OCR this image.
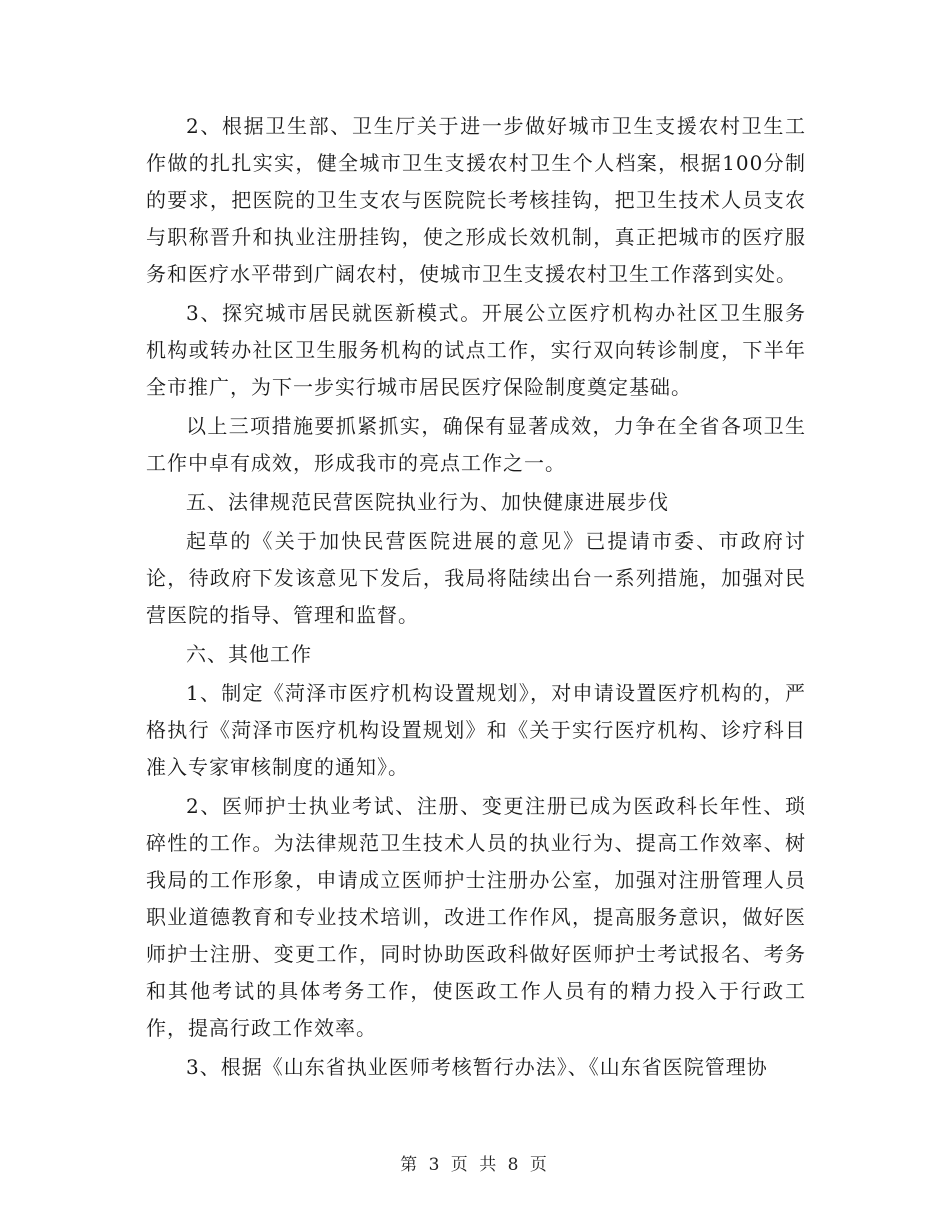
2、根据卫生部、卫生厅关于进一步做好城市卫生支援农村卫生工作做的扎扎实实，健全城市卫生支援农村卫生个人档案，根据100分制的要求，把医院的卫生支农与医院院长考核挂钩，把卫生技术人员支农与职称晋升和执业注册挂钩，使之形成长效机制，真正把城市的医疗服务和医疗水平带到广阔农村，使城市卫生支援农村卫生工作落到实处。

3、探究城市居民就医新模式。开展公立医疗机构办社区卫生服务机构或转办社区卫生服务机构的试点工作，实行双向转诊制度，下半年全市推广，为下一步实行城市居民医疗保险制度奠定基础。

以上三项措施要抓紧抓实，确保有显著成效，力争在全省各项卫生工作中卓有成效，形成我市的亮点工作之一。

五、法律规范民营医院执业行为、加快健康进展步伐

起草的《关于加快民营医院进展的意见》已提请市委、市政府讨论，待政府下发该意见下发后，我局将陆续出台一系列措施，加强对民营医院的指导、管理和监督。

六、其他工作

1、制定《菏泽市医疗机构设置规划》，对申请设置医疗机构的，严格执行《菏泽市医疗机构设置规划》和《关于实行医疗机构、诊疗科目准入专家审核制度的通知》。

2、医师护士执业考试、注册、变更注册已成为医政科长年性、琐碎性的工作。为法律规范卫生技术人员的执业行为、提高工作效率、树我局的工作形象，申请成立医师护士注册办公室，加强对注册管理人员职业道德教育和专业技术培训，改进工作作风，提高服务意识，做好医师护士注册、变更工作，同时协助医政科做好医师护士考试报名、考务和其他考试的具体考务工作，使医政工作人员有的精力投入于行政工作，提高行政工作效率。

3、根据《山东省执业医师考核暂行办法》、《山东省医院管理协

第 3 页 共 8 页
